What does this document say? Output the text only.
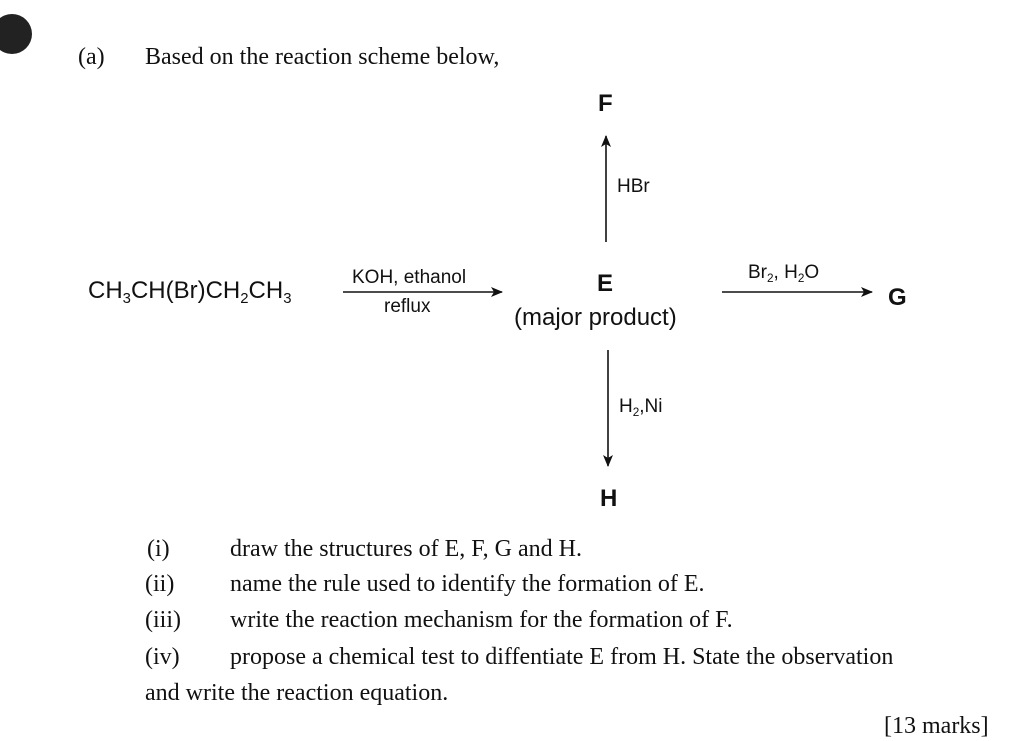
(a) Based on the reaction scheme below,
$CH_3CH(Br)CH_2CH_3$
KOH, ethanol
reflux
E
(major product)
F
HBr
$Br_2$, $H_2O$
G
$H_2,Ni$
H
(i)	draw the structures of E, F, G and H.
(ii) name the rule used to identify the formation of E.
(iii) write the reaction mechanism for the formation of F.
(iv) propose a chemical test to diffentiate E from H. State the observation
and write the reaction equation.
[13 marks]
